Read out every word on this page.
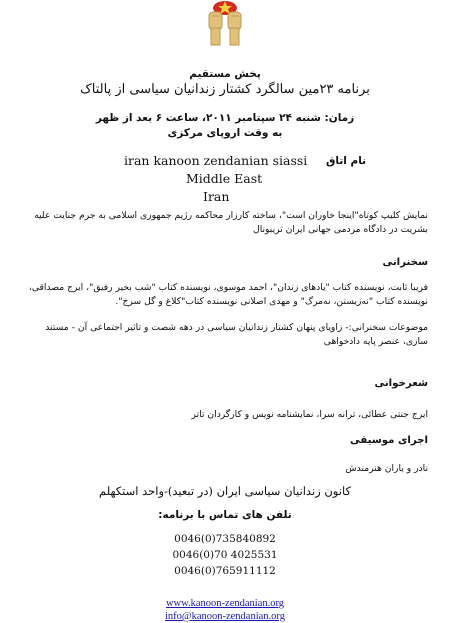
پخش مستقیم
برنامه ۲۳مین سالگرد کشتار زندانیان سیاسی از پالتاک
زمان: شنبه ۲۴ سپتامبر ۲۰۱۱، ساعت ۶ بعد از ظهر
به وقت اروپای مرکزی
نام اتاق
iran kanoon zendanian siassi
Middle East
Iran
نمایش کلیپ کوتاه"اینجا خاوران است"، ساخته کارزار محاکمه رژیم جمهوری اسلامی به جرم جنایت علیه بشریت در دادگاه مردمی جهانی ایران تریبونال
سخنرانی
فریبا ثابت، نویسنده کتاب "یادهای زندان"، احمد موسوی، نویسنده کتاب "شب بخیر رفیق"، ایرج مصداقی، نویسنده کتاب "نه‌زیستن، نه‌مرگ" و مهدی اصلانی نویسنده کتاب"کلاغ و گل سرخ".
موضوعات سخنرانی:- زاویای پنهان کشتار زندانیان سیاسی در دهه شصت و تاثیر اجتماعی آن - مستند سازی، عنصر پایه دادخواهی
شعرخوانی
ایرج جنتی عطائی، ترانه سرا، نمایشنامه نویس و کارگردان تاتر
اجرای موسیقی
نادر و یاران هنرمندش
کانون زندانیان سیاسی ایران (در تبعید)-واحد استکهلم
تلفن های تماس با برنامه:
0046(0)735840892
0046(0)70 4025531
0046(0)765911112
www.kanoon-zendanian.org
info@kanoon-zendanian.org
